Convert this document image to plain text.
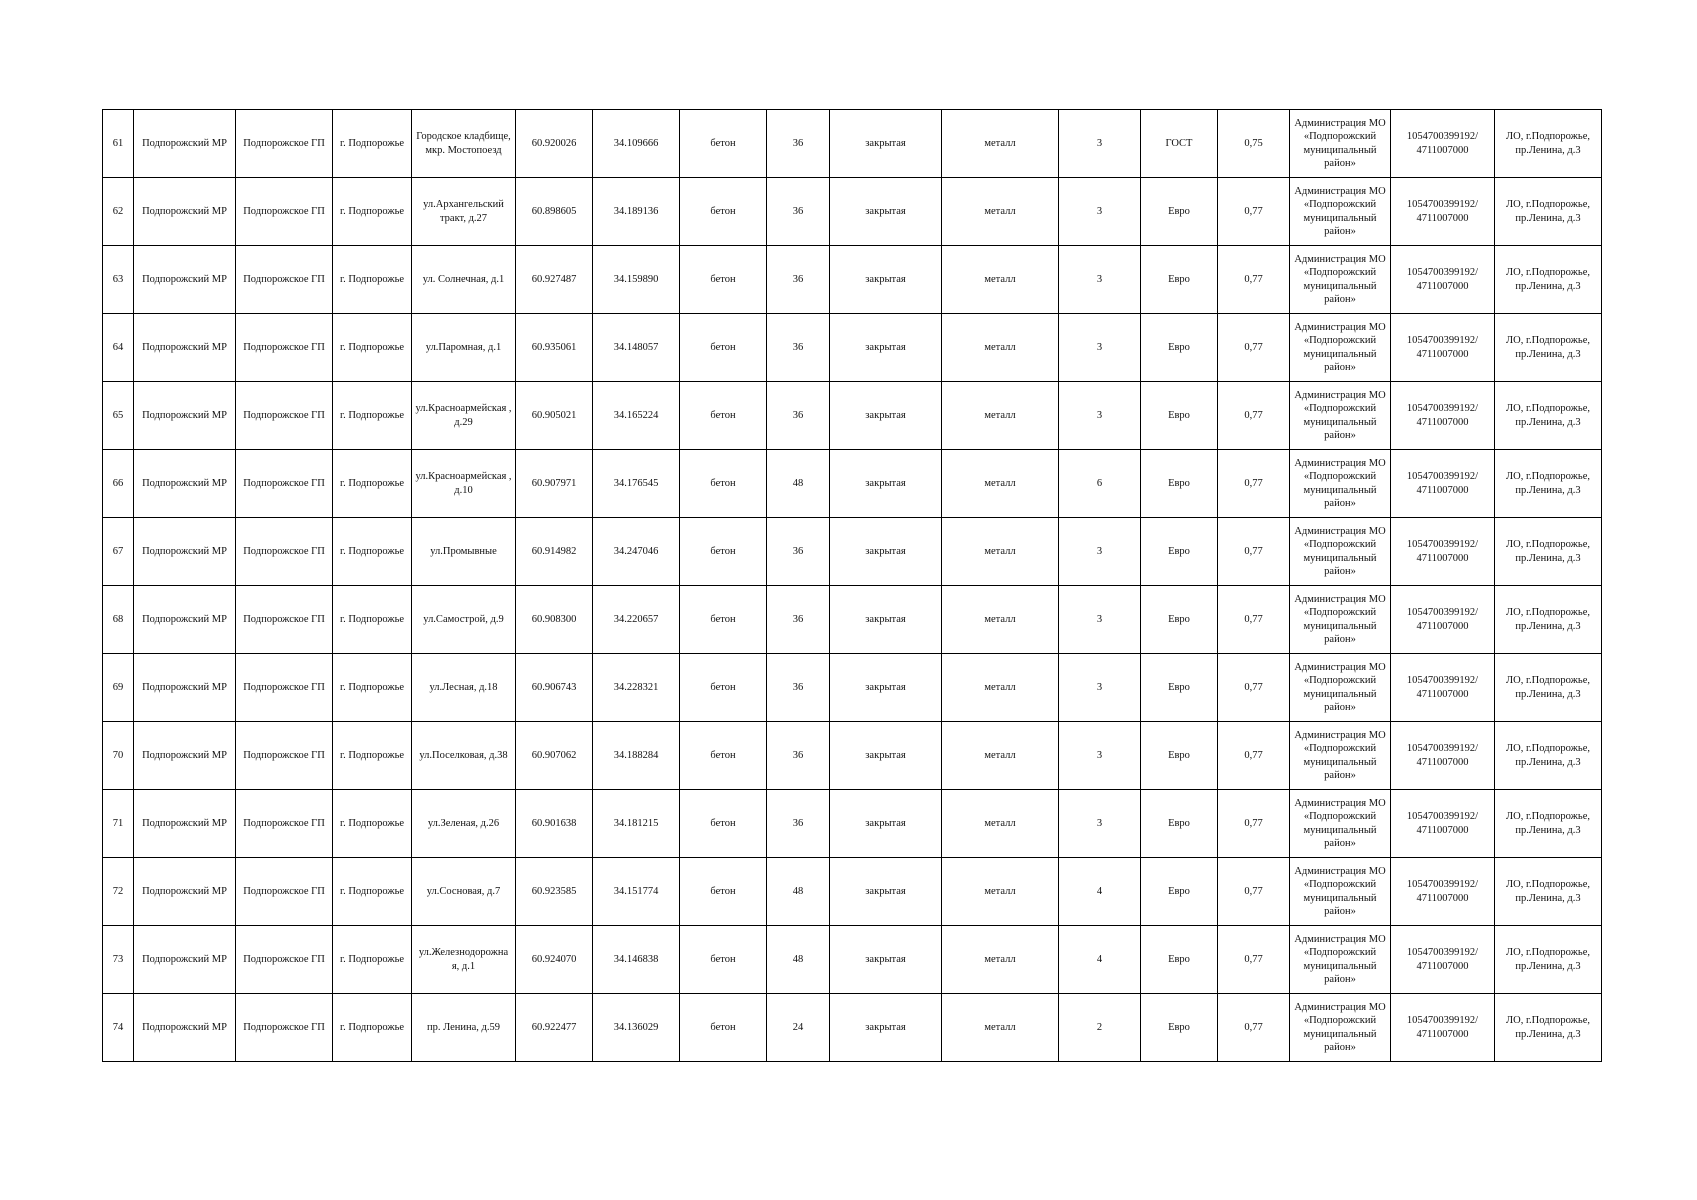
61	Подпорожский МР	Подпорожское ГП	г. Подпорожье	Городское кладбище, мкр. Мостопоезд	60.920026	34.109666	бетон	36	закрытая	металл	3	ГОСТ	0,75	Администрация МО «Подпорожский муниципальный район»	1054700399192/ 4711007000	ЛО, г.Подпорожье, пр.Ленина, д.3
62	Подпорожский МР	Подпорожское ГП	г. Подпорожье	ул.Архангельский тракт, д.27	60.898605	34.189136	бетон	36	закрытая	металл	3	Евро	0,77	Администрация МО «Подпорожский муниципальный район»	1054700399192/ 4711007000	ЛО, г.Подпорожье, пр.Ленина, д.3
63	Подпорожский МР	Подпорожское ГП	г. Подпорожье	ул. Солнечная, д.1	60.927487	34.159890	бетон	36	закрытая	металл	3	Евро	0,77	Администрация МО «Подпорожский муниципальный район»	1054700399192/ 4711007000	ЛО, г.Подпорожье, пр.Ленина, д.3
64	Подпорожский МР	Подпорожское ГП	г. Подпорожье	ул.Паромная, д.1	60.935061	34.148057	бетон	36	закрытая	металл	3	Евро	0,77	Администрация МО «Подпорожский муниципальный район»	1054700399192/ 4711007000	ЛО, г.Подпорожье, пр.Ленина, д.3
65	Подпорожский МР	Подпорожское ГП	г. Подпорожье	ул.Красноармейская , д.29	60.905021	34.165224	бетон	36	закрытая	металл	3	Евро	0,77	Администрация МО «Подпорожский муниципальный район»	1054700399192/ 4711007000	ЛО, г.Подпорожье, пр.Ленина, д.3
66	Подпорожский МР	Подпорожское ГП	г. Подпорожье	ул.Красноармейская , д.10	60.907971	34.176545	бетон	48	закрытая	металл	6	Евро	0,77	Администрация МО «Подпорожский муниципальный район»	1054700399192/ 4711007000	ЛО, г.Подпорожье, пр.Ленина, д.3
67	Подпорожский МР	Подпорожское ГП	г. Подпорожье	ул.Промывные	60.914982	34.247046	бетон	36	закрытая	металл	3	Евро	0,77	Администрация МО «Подпорожский муниципальный район»	1054700399192/ 4711007000	ЛО, г.Подпорожье, пр.Ленина, д.3
68	Подпорожский МР	Подпорожское ГП	г. Подпорожье	ул.Самострой, д.9	60.908300	34.220657	бетон	36	закрытая	металл	3	Евро	0,77	Администрация МО «Подпорожский муниципальный район»	1054700399192/ 4711007000	ЛО, г.Подпорожье, пр.Ленина, д.3
69	Подпорожский МР	Подпорожское ГП	г. Подпорожье	ул.Лесная, д.18	60.906743	34.228321	бетон	36	закрытая	металл	3	Евро	0,77	Администрация МО «Подпорожский муниципальный район»	1054700399192/ 4711007000	ЛО, г.Подпорожье, пр.Ленина, д.3
70	Подпорожский МР	Подпорожское ГП	г. Подпорожье	ул.Поселковая, д.38	60.907062	34.188284	бетон	36	закрытая	металл	3	Евро	0,77	Администрация МО «Подпорожский муниципальный район»	1054700399192/ 4711007000	ЛО, г.Подпорожье, пр.Ленина, д.3
71	Подпорожский МР	Подпорожское ГП	г. Подпорожье	ул.Зеленая, д.26	60.901638	34.181215	бетон	36	закрытая	металл	3	Евро	0,77	Администрация МО «Подпорожский муниципальный район»	1054700399192/ 4711007000	ЛО, г.Подпорожье, пр.Ленина, д.3
72	Подпорожский МР	Подпорожское ГП	г. Подпорожье	ул.Сосновая, д.7	60.923585	34.151774	бетон	48	закрытая	металл	4	Евро	0,77	Администрация МО «Подпорожский муниципальный район»	1054700399192/ 4711007000	ЛО, г.Подпорожье, пр.Ленина, д.3
73	Подпорожский МР	Подпорожское ГП	г. Подпорожье	ул.Железнодорожна я, д.1	60.924070	34.146838	бетон	48	закрытая	металл	4	Евро	0,77	Администрация МО «Подпорожский муниципальный район»	1054700399192/ 4711007000	ЛО, г.Подпорожье, пр.Ленина, д.3
74	Подпорожский МР	Подпорожское ГП	г. Подпорожье	пр. Ленина, д.59	60.922477	34.136029	бетон	24	закрытая	металл	2	Евро	0,77	Администрация МО «Подпорожский муниципальный район»	1054700399192/ 4711007000	ЛО, г.Подпорожье, пр.Ленина, д.3
